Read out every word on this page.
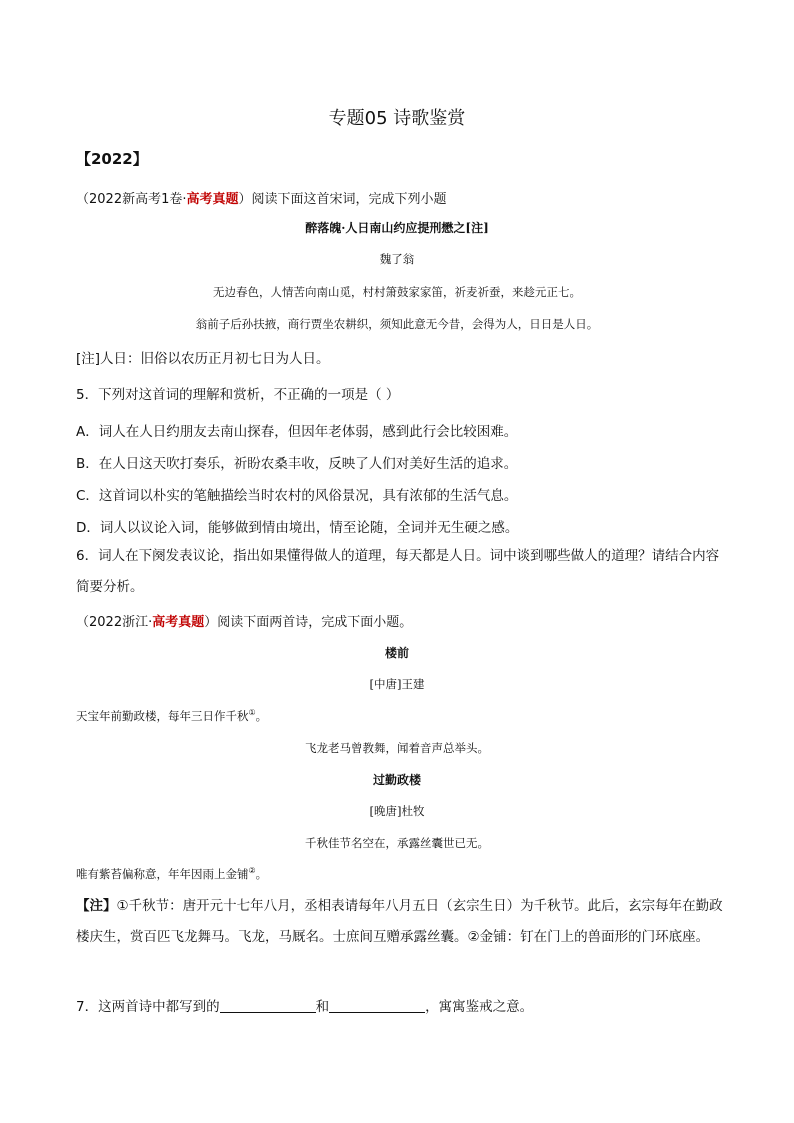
专题05 诗歌鉴赏
【2022】
（2022新高考1卷·高考真题）阅读下面这首宋词，完成下列小题
醉落魄·人日南山约应提刑懋之[注]
魏了翁
无边春色，人情苦向南山觅，村村箫鼓家家笛，祈麦祈蚕，来趁元正七。
翁前子后孙扶掖，商行贾坐农耕织，须知此意无今昔，会得为人，日日是人日。
[注]人日：旧俗以农历正月初七日为人日。
5．下列对这首词的理解和赏析，不正确的一项是（ ）
A．词人在人日约朋友去南山探春，但因年老体弱，感到此行会比较困难。
B．在人日这天吹打奏乐，祈盼农桑丰收，反映了人们对美好生活的追求。
C．这首词以朴实的笔触描绘当时农村的风俗景况，具有浓郁的生活气息。
D．词人以议论入词，能够做到情由境出，情至论随，全词并无生硬之感。
6．词人在下阕发表议论，指出如果懂得做人的道理，每天都是人日。词中谈到哪些做人的道理？请结合内容简要分析。
（2022浙江·高考真题）阅读下面两首诗，完成下面小题。
楼前
[中唐]王建
天宝年前勤政楼，每年三日作千秋①。
飞龙老马曾教舞，闻着音声总举头。
过勤政楼
[晚唐]杜牧
千秋佳节名空在，承露丝囊世已无。
唯有紫苔偏称意，年年因雨上金铺②。
【注】①千秋节：唐开元十七年八月，丞相表请每年八月五日（玄宗生日）为千秋节。此后，玄宗每年在勤政楼庆生，赏百匹飞龙舞马。飞龙，马厩名。士庶间互赠承露丝囊。②金铺：钉在门上的兽面形的门环底座。
7．这两首诗中都写到的	和	，寓寓鉴戒之意。
